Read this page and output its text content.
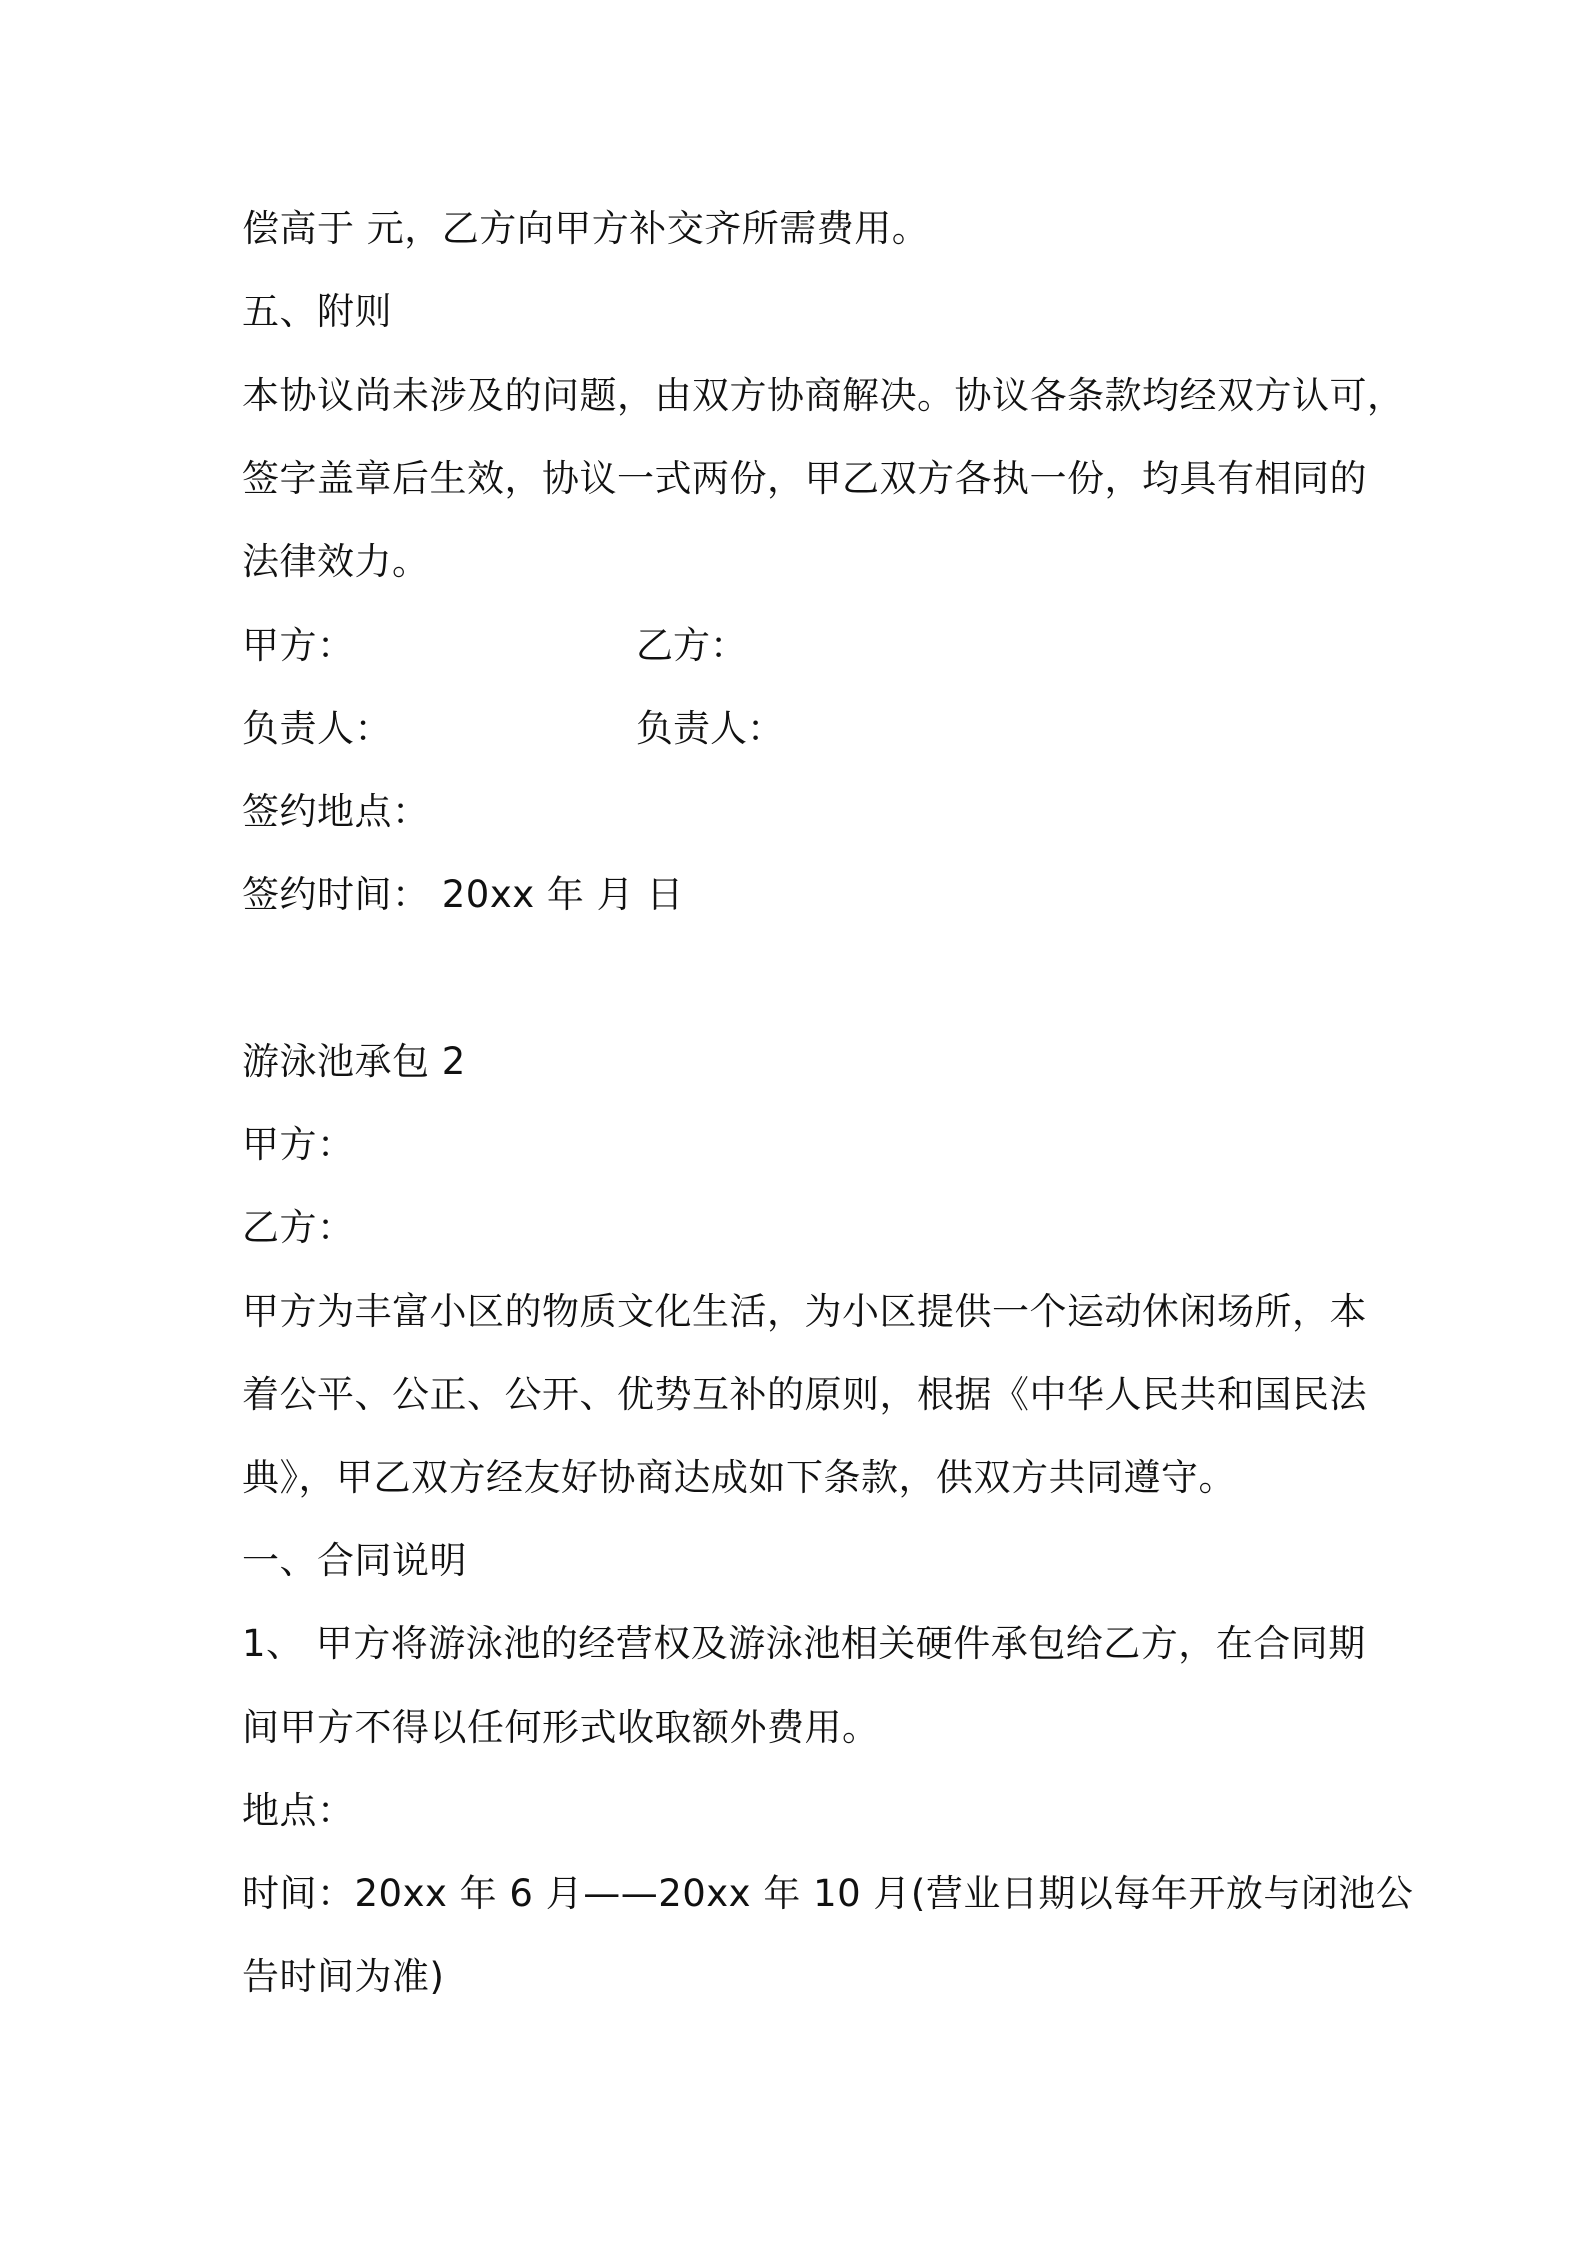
偿高于 元，乙方向甲方补交齐所需费用。
五、附则
本协议尚未涉及的问题，由双方协商解决。协议各条款均经双方认可，
签字盖章后生效，协议一式两份，甲乙双方各执一份，均具有相同的
法律效力。
甲方：	乙方：
负责人：	负责人：
签约地点：
签约时间： 20xx 年 月 日
游泳池承包 2
甲方：
乙方：
甲方为丰富小区的物质文化生活，为小区提供一个运动休闲场所，本
着公平、公正、公开、优势互补的原则，根据《中华人民共和国民法
典》，甲乙双方经友好协商达成如下条款，供双方共同遵守。
一、合同说明
1、 甲方将游泳池的经营权及游泳池相关硬件承包给乙方，在合同期
间甲方不得以任何形式收取额外费用。
地点：
时间：20xx 年 6 月——20xx 年 10 月(营业日期以每年开放与闭池公
告时间为准)
